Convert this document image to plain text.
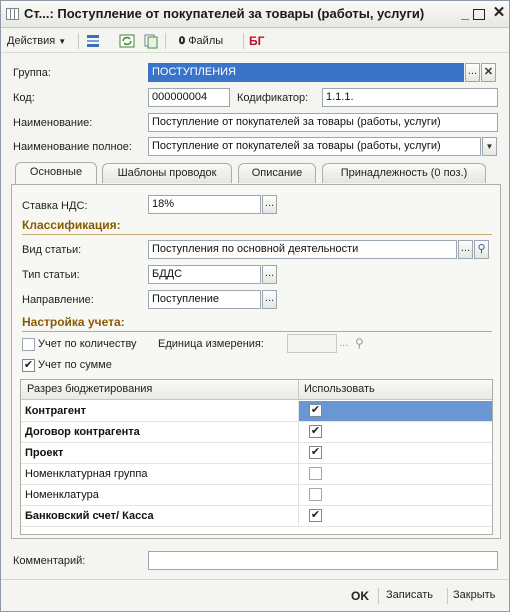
Ст...: Поступление от покупателей за товары (работы, услуги)	_ ✕
Действия ▼	𝟎 Файлы БГ
Группа:	ПОСТУПЛЕНИЯ	... ✕
Код:	000000004	Кодификатор:	1.1.1.
Наименование:	Поступление от покупателей за товары (работы, услуги)
Наименование полное:	Поступление от покупателей за товары (работы, услуги)	▼
Основные	Шаблоны проводок	Описание	Принадлежность (0 поз.)
Ставка НДС:	18%	...
Классификация:
Вид статьи:	Поступления по основной деятельности	... ⚲
Тип статьи:	БДДС	...
Направление:	Поступление	...
Настройка учета:
Учет по количеству Единица измерения:	... ⚲
✔ Учет по сумме
Разрез бюджетирования	Использовать
Контрагент	✔
Договор контрагента	✔
Проект	✔
Номенклатурная группа
Номенклатура
Банковский счет/ Касса	✔
Комментарий:
OK Записать Закрыть
